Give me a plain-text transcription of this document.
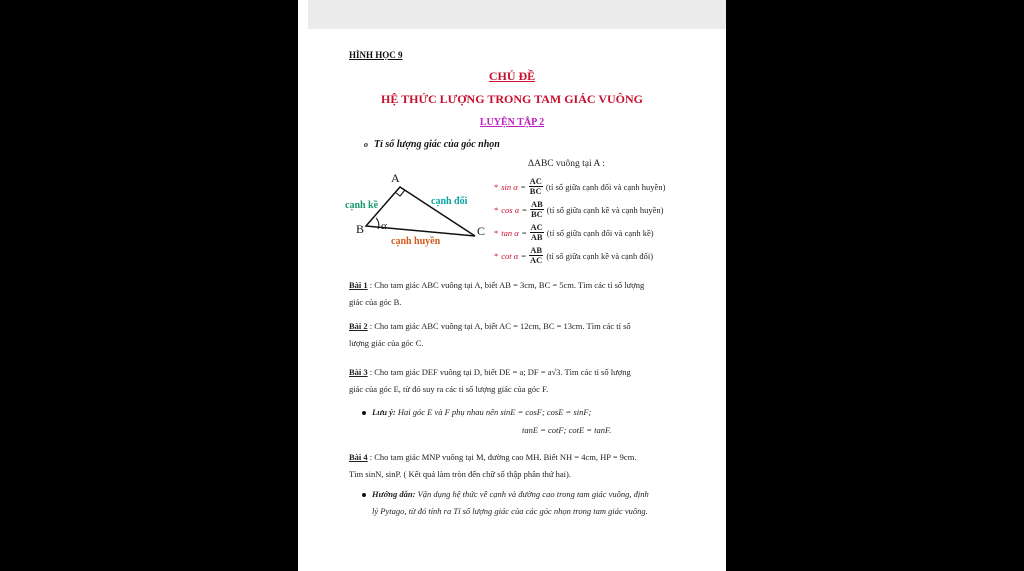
HÌNH HỌC 9
CHỦ ĐỀ
HỆ THỨC LƯỢNG TRONG TAM GIÁC VUÔNG
LUYỆN TẬP 2
o Tỉ số lượng giác của góc nhọn
A
B	C
α
cạnh kề	cạnh đối
cạnh huyền
ΔABC vuông tại A :
* $\sin \alpha = \frac{AC}{BC}$ (tỉ số giữa cạnh đối và cạnh huyền)
* $\cos \alpha = \frac{AB}{BC}$ (tỉ số giữa cạnh kề và cạnh huyền)
* $\tan \alpha = \frac{AC}{AB}$ (tỉ số giữa cạnh đối và cạnh kề)
* $\cot \alpha = \frac{AB}{AC}$ (tỉ số giữa cạnh kề và cạnh đối)
Bài 1 : Cho tam giác ABC vuông tại A, biết AB = 3cm, BC = 5cm. Tìm các tỉ số lượng
giác của góc B.
Bài 2 : Cho tam giác ABC vuông tại A, biết AC = 12cm, BC = 13cm. Tìm các tỉ số
lượng giác của góc C.
Bài 3 : Cho tam giác DEF vuông tại D, biết DE = a; DF = a√3. Tìm các tỉ số lượng
giác của góc E, từ đó suy ra các tỉ số lượng giác của góc F.
Lưu ý: Hai góc E và F phụ nhau nên sinE = cosF; cosE = sinF;
tanE = cotF; cotE = tanF.
Bài 4 : Cho tam giác MNP vuông tại M, đường cao MH. Biết NH = 4cm, HP = 9cm.
Tìm sinN, sinP. ( Kết quả làm tròn đến chữ số thập phân thứ hai).
Hướng dẫn: Vận dụng hệ thức về cạnh và đường cao trong tam giác vuông, định
lý Pytago, từ đó tính ra Tỉ số lượng giác của các góc nhọn trong tam giác vuông.
